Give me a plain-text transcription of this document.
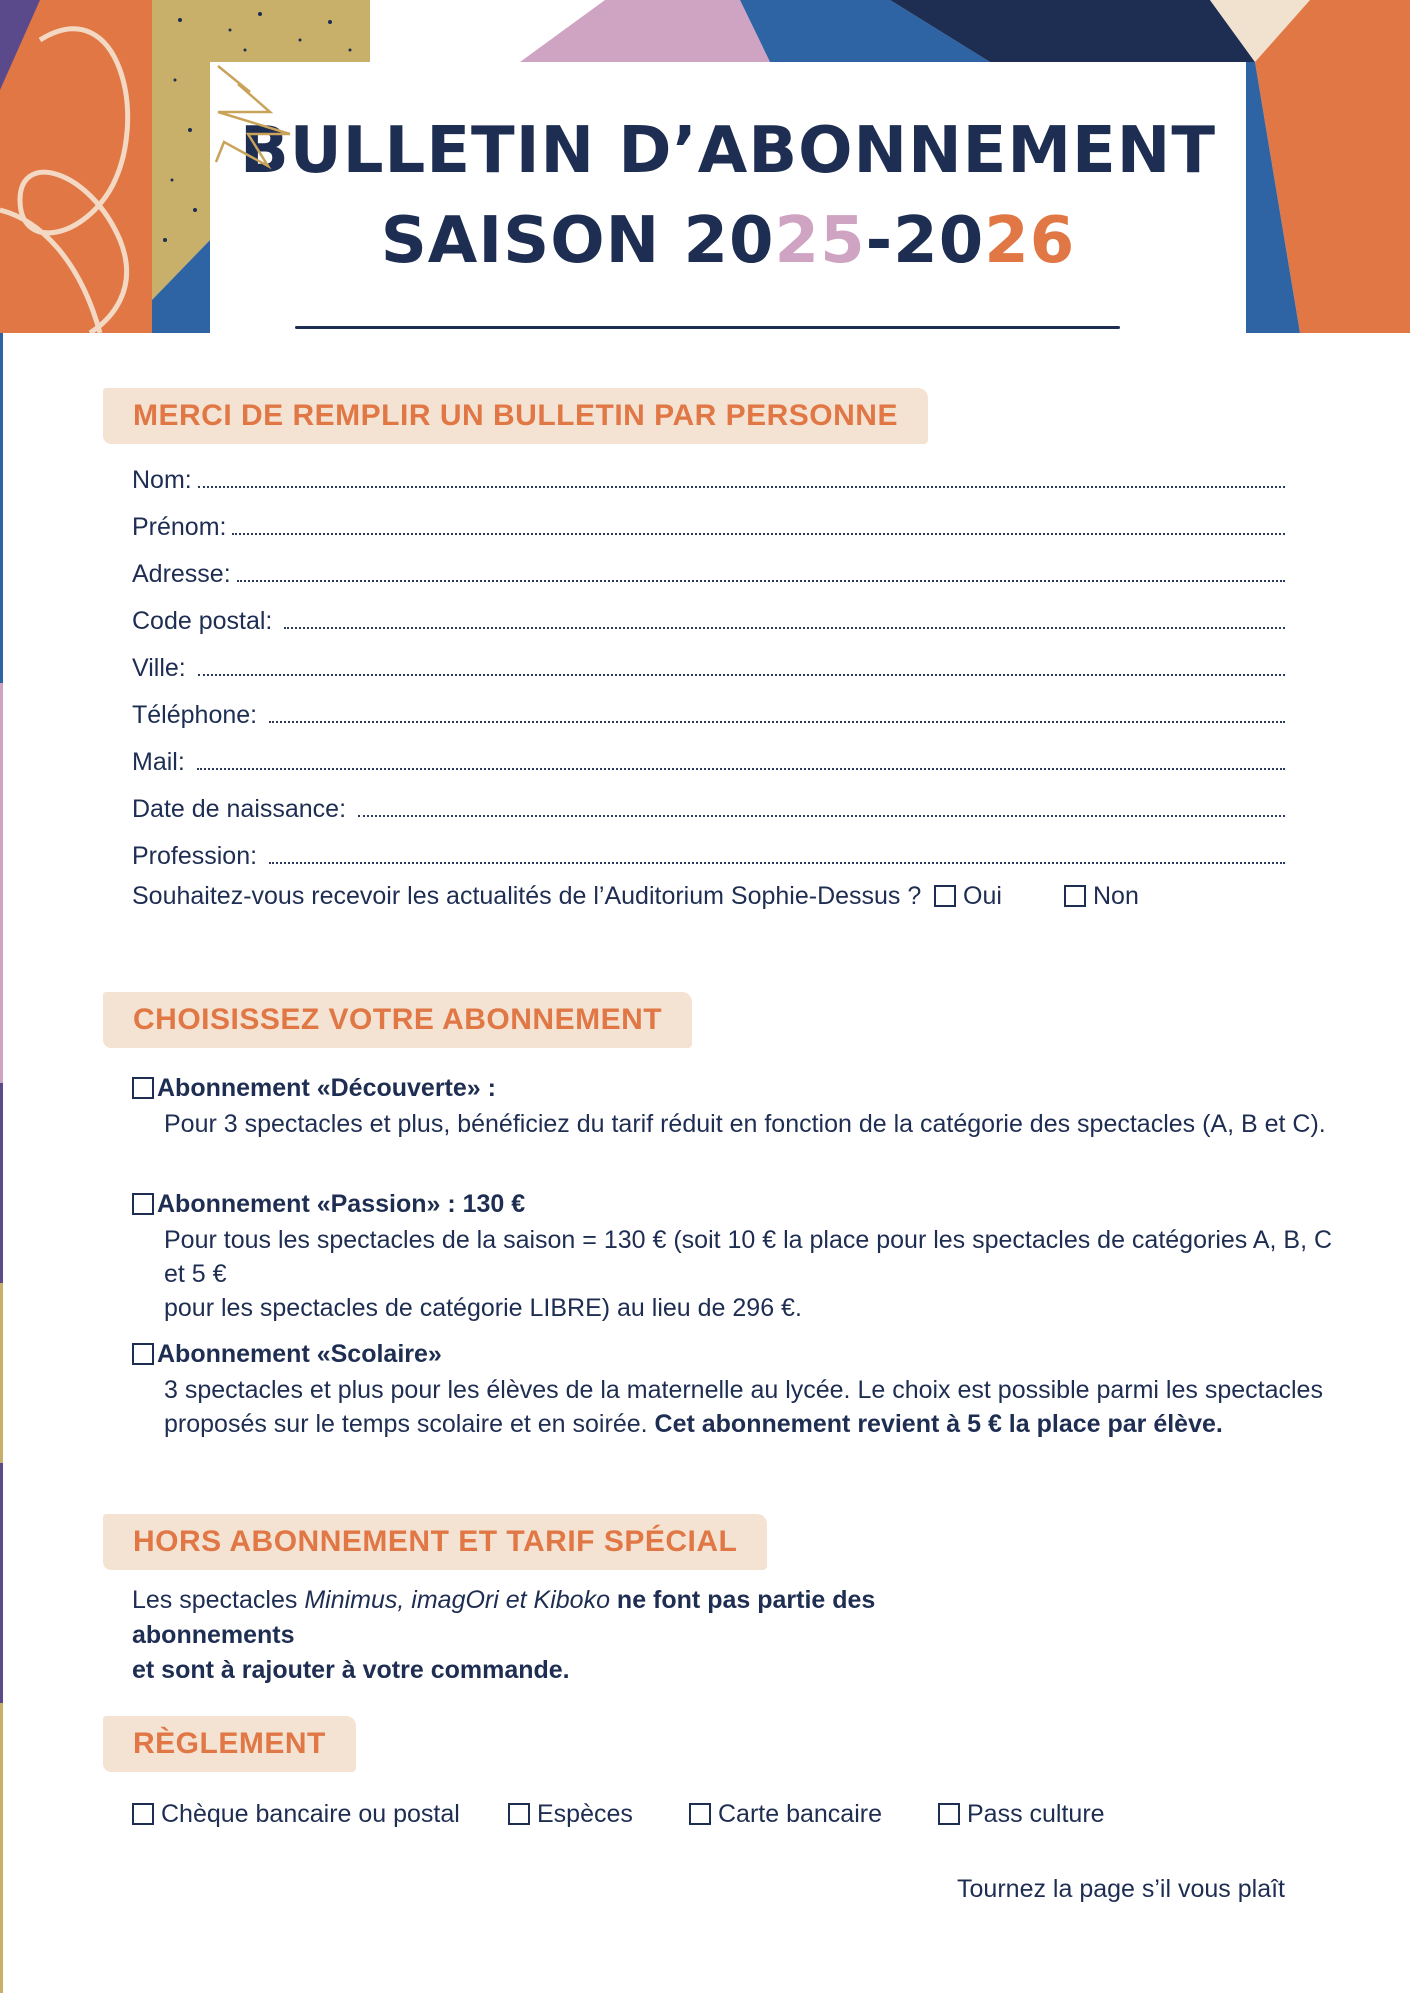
BULLETIN D’ABONNEMENT
SAISON 2025-2026
MERCI DE REMPLIR UN BULLETIN PAR PERSONNE
Nom:
Prénom:
Adresse:
Code postal:
Ville:
Téléphone:
Mail:
Date de naissance:
Profession:
Souhaitez-vous recevoir les actualités de l’Auditorium Sophie-Dessus ?	Oui	Non
CHOISISSEZ VOTRE ABONNEMENT
Abonnement «Découverte» :
Pour 3 spectacles et plus, bénéficiez du tarif réduit en fonction de la catégorie des spectacles (A, B et C).
Abonnement «Passion» : 130 €
Pour tous les spectacles de la saison = 130 € (soit 10 € la place pour les spectacles de catégories A, B, C et 5 €
pour les spectacles de catégorie LIBRE) au lieu de 296 €.
Abonnement «Scolaire»
3 spectacles et plus pour les élèves de la maternelle au lycée. Le choix est possible parmi les spectacles
proposés sur le temps scolaire et en soirée. Cet abonnement revient à 5 € la place par élève.
HORS ABONNEMENT ET TARIF SPÉCIAL
Les spectacles Minimus, imagOri et Kiboko ne font pas partie des abonnements
et sont à rajouter à votre commande.
RÈGLEMENT
Chèque bancaire ou postal	Espèces	Carte bancaire	Pass culture
Tournez la page s’il vous plaît
